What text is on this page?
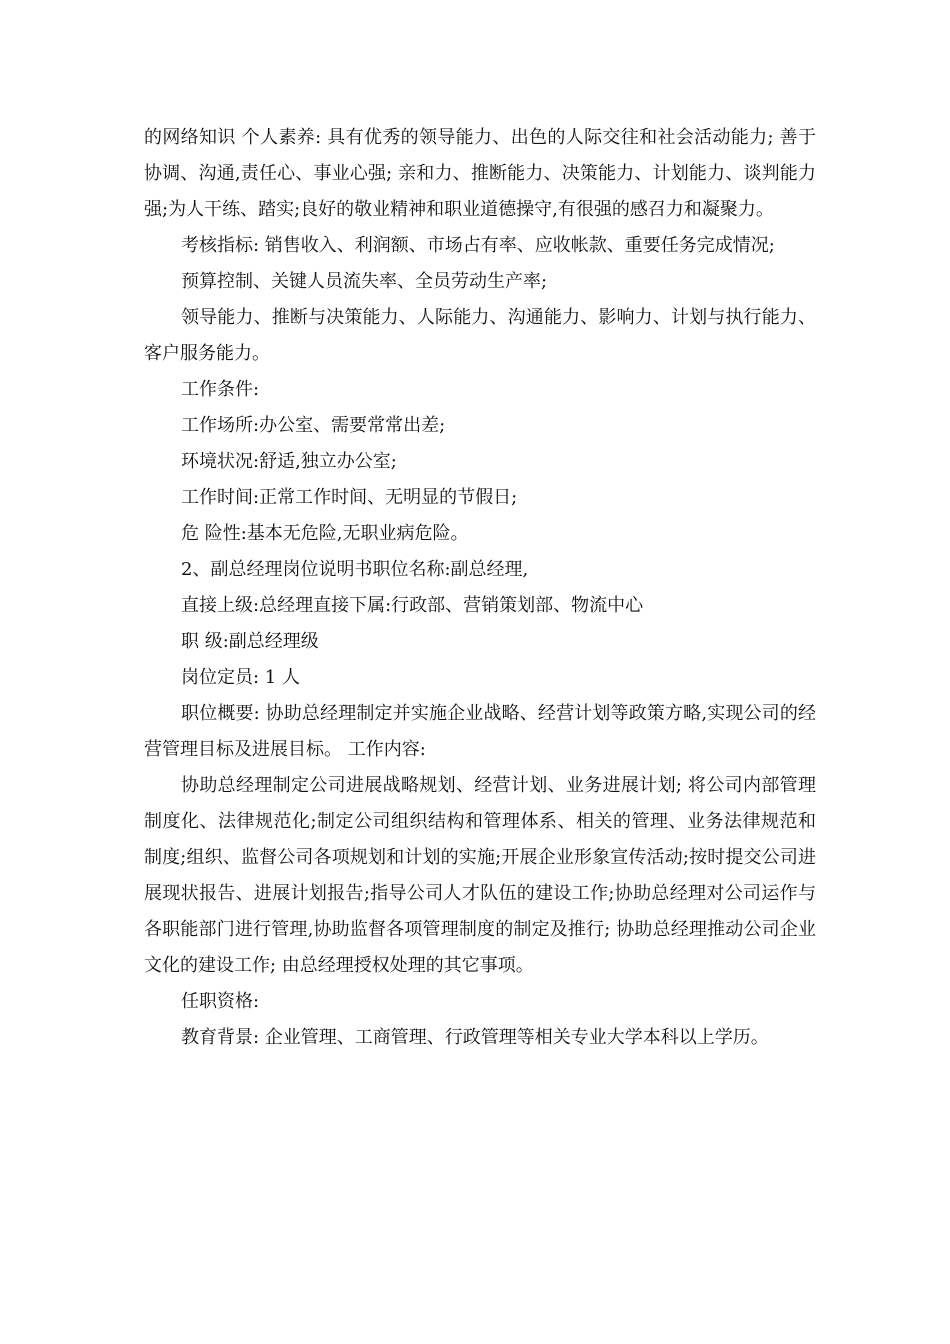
的网络知识 个人素养: 具有优秀的领导能力、出色的人际交往和社会活动能力; 善于协调、沟通,责任心、事业心强; 亲和力、推断能力、决策能力、计划能力、谈判能力强;为人干练、踏实;良好的敬业精神和职业道德操守,有很强的感召力和凝聚力。

考核指标: 销售收入、利润额、市场占有率、应收帐款、重要任务完成情况;

预算控制、关键人员流失率、全员劳动生产率;

领导能力、推断与决策能力、人际能力、沟通能力、影响力、计划与执行能力、客户服务能力。

工作条件:

工作场所:办公室、需要常常出差;

环境状况:舒适,独立办公室;

工作时间:正常工作时间、无明显的节假日;

危 险性:基本无危险,无职业病危险。

2、副总经理岗位说明书职位名称:副总经理,

直接上级:总经理直接下属:行政部、营销策划部、物流中心

职 级:副总经理级

岗位定员: 1 人

职位概要: 协助总经理制定并实施企业战略、经营计划等政策方略,实现公司的经营管理目标及进展目标。 工作内容:

协助总经理制定公司进展战略规划、经营计划、业务进展计划; 将公司内部管理制度化、法律规范化;制定公司组织结构和管理体系、相关的管理、业务法律规范和制度;组织、监督公司各项规划和计划的实施;开展企业形象宣传活动;按时提交公司进展现状报告、进展计划报告;指导公司人才队伍的建设工作;协助总经理对公司运作与各职能部门进行管理,协助监督各项管理制度的制定及推行; 协助总经理推动公司企业文化的建设工作; 由总经理授权处理的其它事项。

任职资格:

教育背景: 企业管理、工商管理、行政管理等相关专业大学本科以上学历。
